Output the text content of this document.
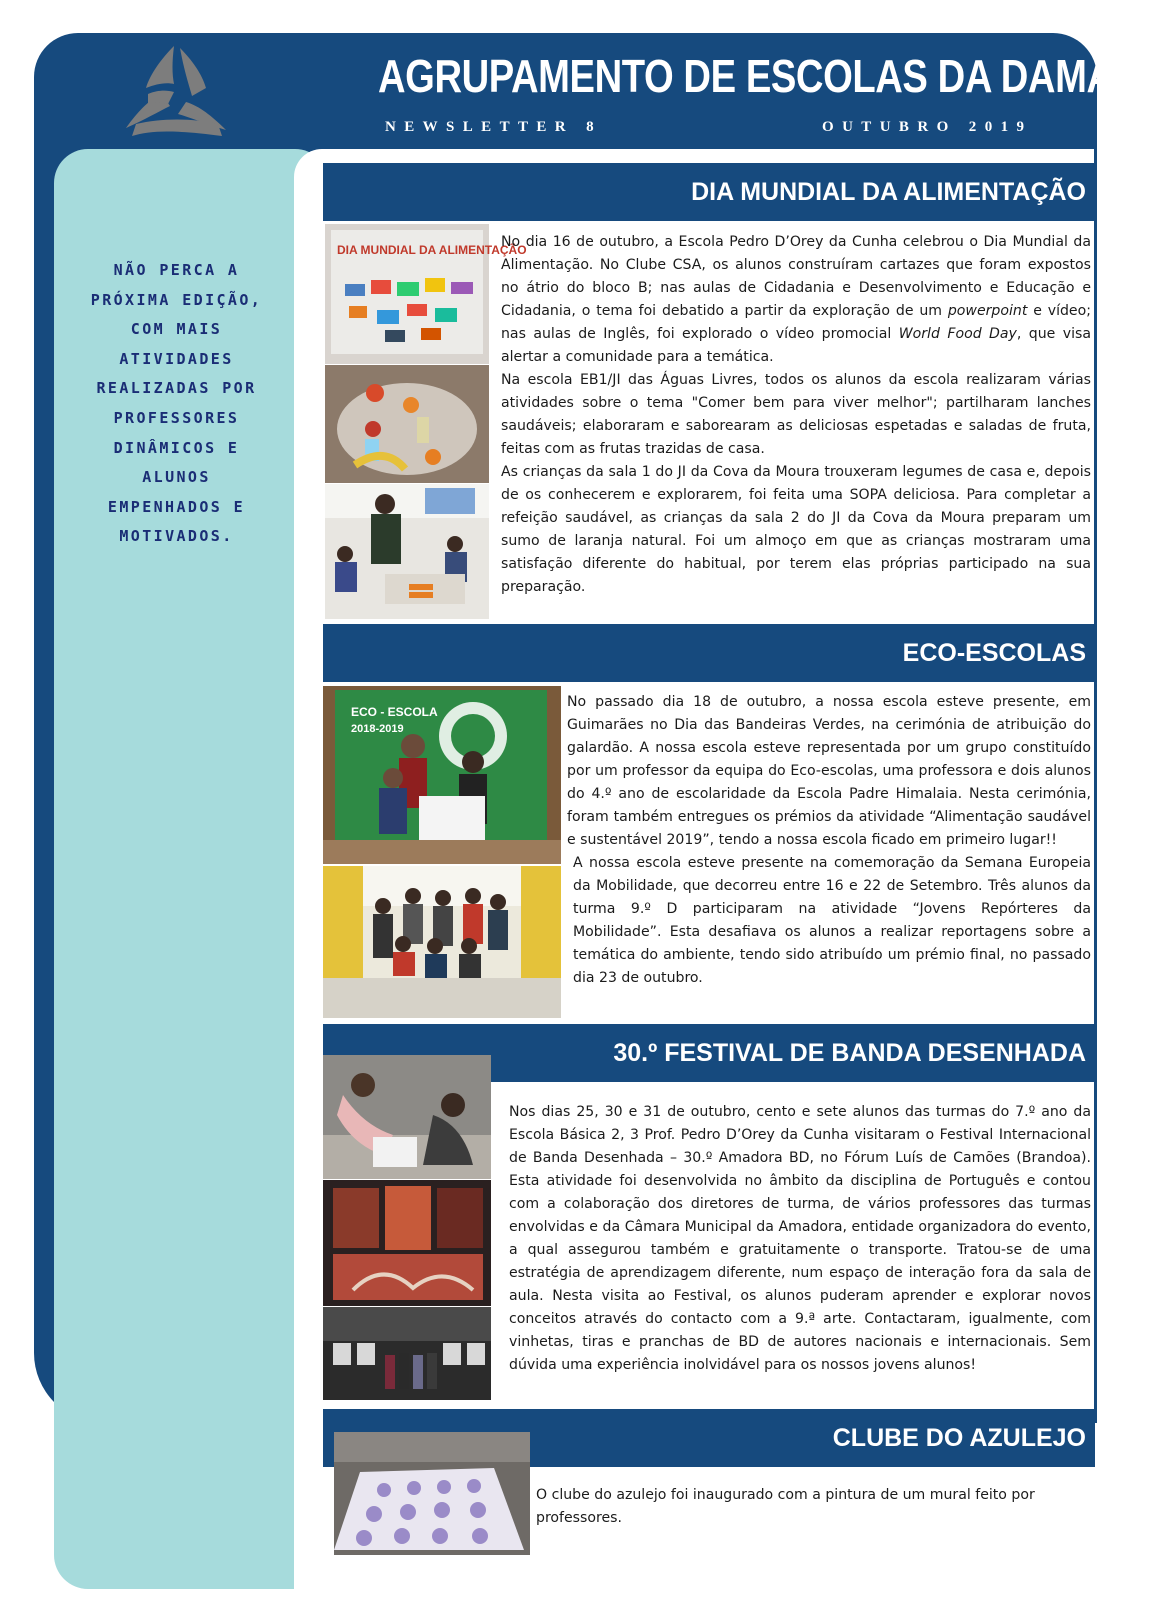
AGRUPAMENTO DE ESCOLAS DA DAMAIA
NEWSLETTER 8	OUTUBRO 2019
NÃO PERCA A
PRÓXIMA EDIÇÃO,
COM MAIS
ATIVIDADES
REALIZADAS POR
PROFESSORES
DINÂMICOS E
ALUNOS
EMPENHADOS E
MOTIVADOS.
DIA MUNDIAL DA ALIMENTAÇÃO
DIA MUNDIAL DA ALIMENTAÇÃO
No dia 16 de outubro, a Escola Pedro D’Orey da Cunha celebrou o Dia Mundial da Alimentação. No Clube CSA, os alunos construíram cartazes que foram expostos no átrio do bloco B; nas aulas de Cidadania e Desenvolvimento e Educação e Cidadania, o tema foi debatido a partir da exploração de um powerpoint e vídeo; nas aulas de Inglês, foi explorado o vídeo promocial World Food Day, que visa alertar a comunidade para a temática.
Na escola EB1/JI das Águas Livres, todos os alunos da escola realizaram várias atividades sobre o tema "Comer bem para viver melhor"; partilharam lanches saudáveis; elaboraram e saborearam as deliciosas espetadas e saladas de fruta, feitas com as frutas trazidas de casa.
As crianças da sala 1 do JI da Cova da Moura trouxeram legumes de casa e, depois de os conhecerem e explorarem, foi feita uma SOPA deliciosa. Para completar a refeição saudável, as crianças da sala 2 do JI da Cova da Moura preparam um sumo de laranja natural. Foi um almoço em que as crianças mostraram uma satisfação diferente do habitual, por terem elas próprias participado na sua preparação.
ECO-ESCOLAS
ECO - ESCOLA
2018-2019
No passado dia 18 de outubro, a nossa escola esteve presente, em Guimarães no Dia das Bandeiras Verdes, na cerimónia de atribuição do galardão. A nossa escola esteve representada por um grupo constituído por um professor da equipa do Eco-escolas, uma professora e dois alunos do 4.º ano de escolaridade da Escola Padre Himalaia. Nesta cerimónia, foram também entregues os prémios da atividade “Alimentação saudável e sustentável 2019”, tendo a nossa escola ficado em primeiro lugar!!
A nossa escola esteve presente na comemoração da Semana Europeia da Mobilidade, que decorreu entre 16 e 22 de Setembro. Três alunos da turma 9.º D participaram na atividade “Jovens Repórteres da Mobilidade”. Esta desafiava os alunos a realizar reportagens sobre a temática do ambiente, tendo sido atribuído um prémio final, no passado dia 23 de outubro.
30.º FESTIVAL DE BANDA DESENHADA
Nos dias 25, 30 e 31 de outubro, cento e sete alunos das turmas do 7.º ano da Escola Básica 2, 3 Prof. Pedro D’Orey da Cunha visitaram o Festival Internacional de Banda Desenhada – 30.º Amadora BD, no Fórum Luís de Camões (Brandoa). Esta atividade foi desenvolvida no âmbito da disciplina de Português e contou com a colaboração dos diretores de turma, de vários professores das turmas envolvidas e da Câmara Municipal da Amadora, entidade organizadora do evento, a qual assegurou também e gratuitamente o transporte. Tratou-se de uma estratégia de aprendizagem diferente, num espaço de interação fora da sala de aula. Nesta visita ao Festival, os alunos puderam aprender e explorar novos conceitos através do contacto com a 9.ª arte. Contactaram, igualmente, com vinhetas, tiras e pranchas de BD de autores nacionais e internacionais. Sem dúvida uma experiência inolvidável para os nossos jovens alunos!
CLUBE DO AZULEJO
O clube do azulejo foi inaugurado com a pintura de um mural feito por professores.
